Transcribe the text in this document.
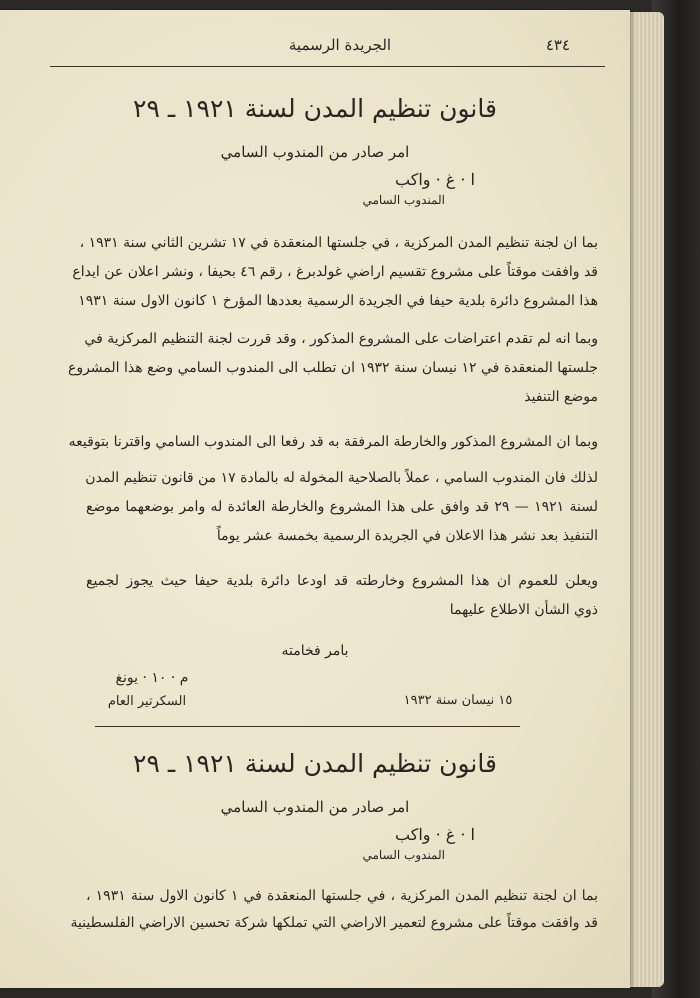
الجريدة الرسمية	٤٣٤
قانون تنظيم المدن لسنة ١٩٢١ ـ ٢٩
امر صادر من المندوب السامي
ا · غ · واكب
المندوب السامي
بما ان لجنة تنظيم المدن المركزية ، في جلستها المنعقدة في ١٧ تشرين الثاني سنة ١٩٣١ ،
قد وافقت موقتاً على مشروع تقسيم اراضي غولدبرغ ، رقم ٤٦ بحيفا ، ونشر اعلان عن ايداع
هذا المشروع دائرة بلدية حيفا في الجريدة الرسمية بعددها المؤرخ ١ كانون الاول سنة ١٩٣١
وبما انه لم تقدم اعتراضات على المشروع المذكور ، وقد قررت لجنة التنظيم المركزية في
جلستها المنعقدة في ١٢ نيسان سنة ١٩٣٢ ان تطلب الى المندوب السامي وضع هذا المشروع
موضع التنفيذ
وبما ان المشروع المذكور والخارطة المرفقة به قد رفعا الى المندوب السامي واقترنا بتوقيعه
لذلك فان المندوب السامي ، عملاً بالصلاحية المخولة له بالمادة ١٧ من قانون تنظيم المدن
لسنة ١٩٢١ — ٢٩ قد وافق على هذا المشروع والخارطة العائدة له وامر بوضعهما موضع
التنفيذ بعد نشر هذا الاعلان في الجريدة الرسمية بخمسة عشر يوماً
ويعلن للعموم ان هذا المشروع وخارطته قد اودعا دائرة بلدية حيفا حيث يجوز لجميع
ذوي الشأن الاطلاع عليهما
بامر فخامته
م · ١٠ · يونغ
السكرتير العام	١٥ نيسان سنة ١٩٣٢
قانون تنظيم المدن لسنة ١٩٢١ ـ ٢٩
امر صادر من المندوب السامي
ا · غ · واكب
المندوب السامي
بما ان لجنة تنظيم المدن المركزية ، في جلستها المنعقدة في ١ كانون الاول سنة ١٩٣١ ،
قد وافقت موقتاً على مشروع لتعمير الاراضي التي تملكها شركة تحسين الاراضي الفلسطينية
